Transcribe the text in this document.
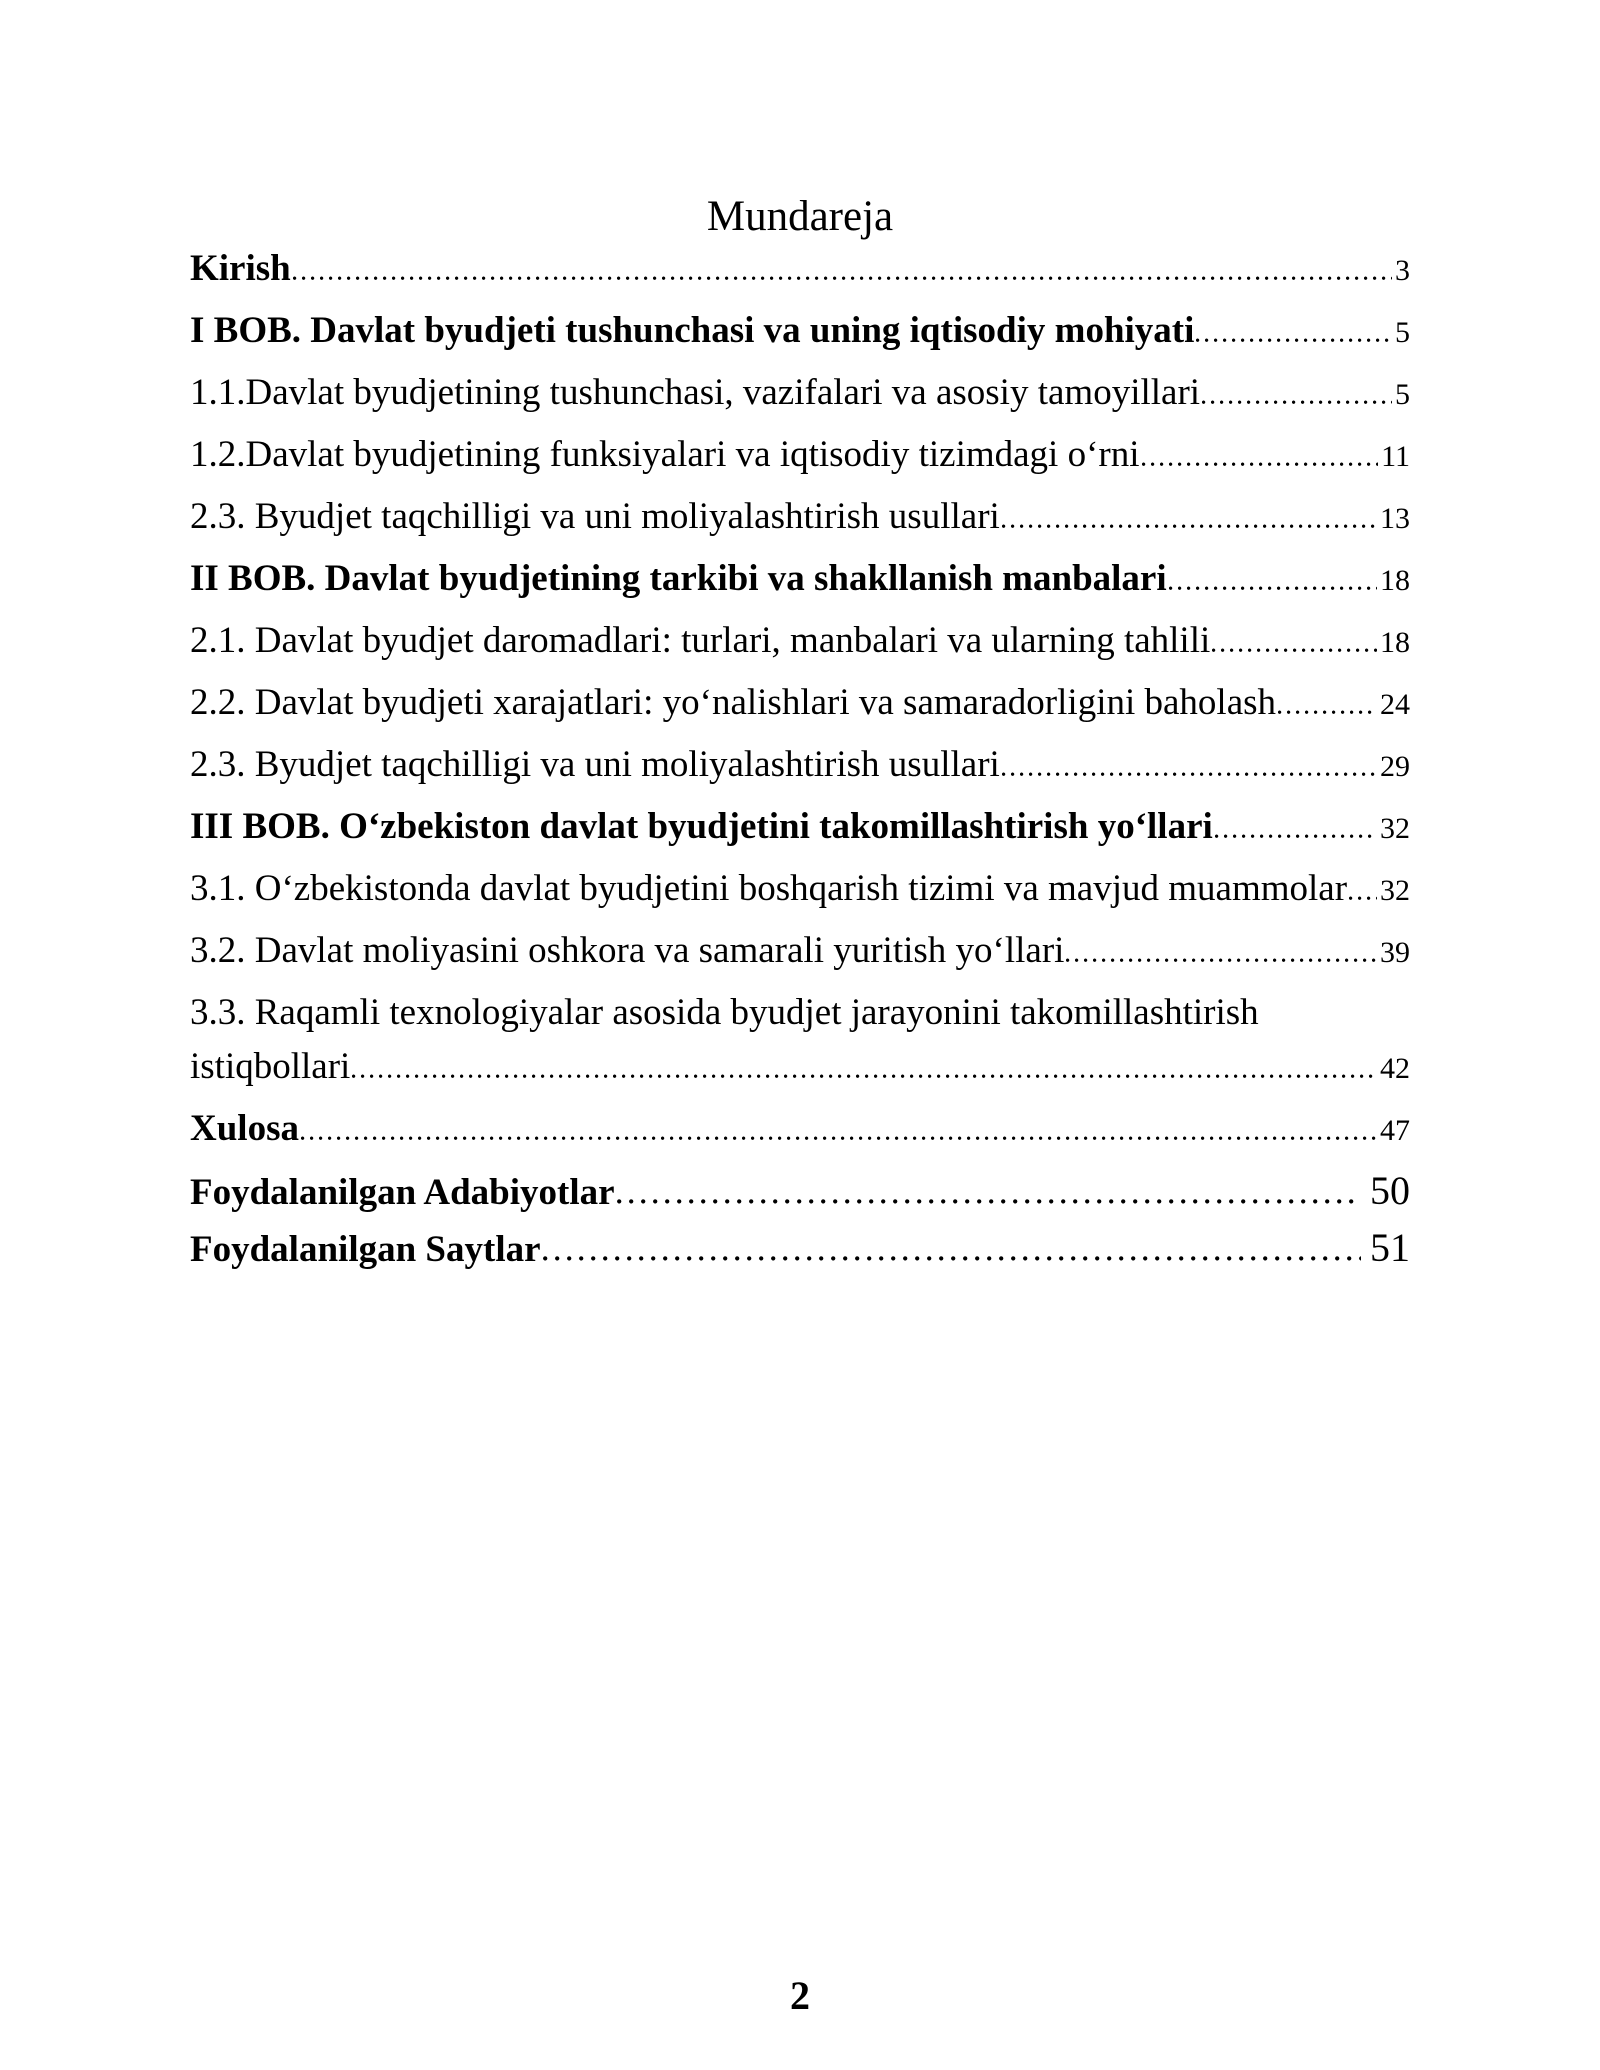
Mundareja
Kirish	3
I BOB. Davlat byudjeti tushunchasi va uning iqtisodiy mohiyati	5
1.1.Davlat byudjetining tushunchasi, vazifalari va asosiy tamoyillari	5
1.2.Davlat byudjetining funksiyalari va iqtisodiy tizimdagi o‘rni	11
2.3. Byudjet taqchilligi va uni moliyalashtirish usullari	13
II BOB. Davlat byudjetining tarkibi va shakllanish manbalari	18
2.1. Davlat byudjet daromadlari: turlari, manbalari va ularning tahlili	18
2.2. Davlat byudjeti xarajatlari: yo‘nalishlari va samaradorligini baholash	24
2.3. Byudjet taqchilligi va uni moliyalashtirish usullari	29
III BOB. O‘zbekiston davlat byudjetini takomillashtirish yo‘llari	32
3.1. O‘zbekistonda davlat byudjetini boshqarish tizimi va mavjud muammolar 32
3.2. Davlat moliyasini oshkora va samarali yuritish yo‘llari	39
3.3. Raqamli texnologiyalar asosida byudjet jarayonini takomillashtirish
istiqbollari	42
Xulosa	47
Foydalanilgan Adabiyotlar	50
Foydalanilgan Saytlar	51
2
